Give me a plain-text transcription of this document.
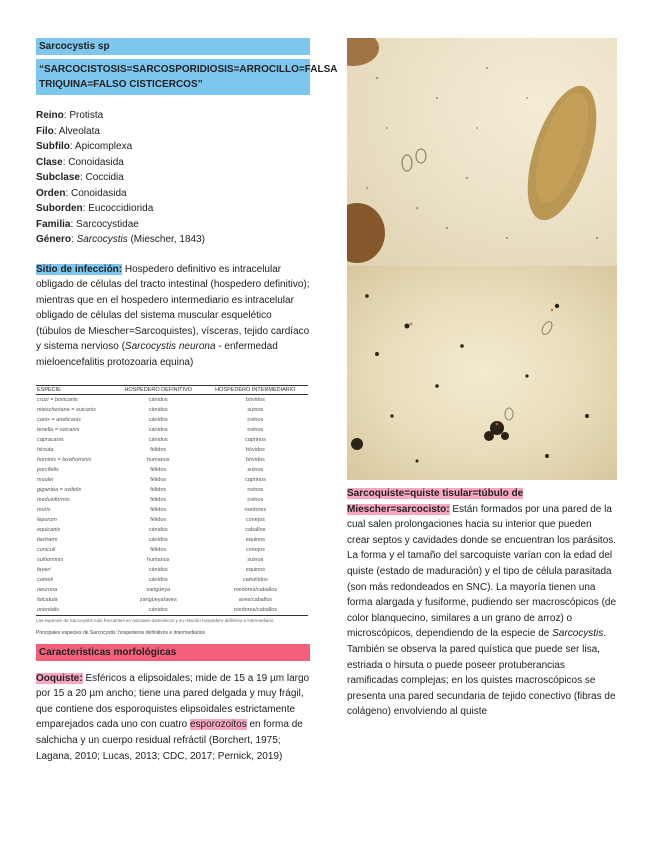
Sarcocystis sp
“SARCOCISTOSIS=SARCOSPORIDIOSIS=ARROCILLO=FALSA TRIQUINA=FALSO CISTICERCOS”
Reino: Protista
Filo: Alveolata
Subfilo: Apicomplexa
Clase: Conoidasida
Subclase: Coccidia
Orden: Conoidasida
Suborden: Eucoccidiorida
Familia: Sarcocystidae
Género: Sarcocystis (Miescher, 1843)
Sitio de infección: Hospedero definitivo es intracelular obligado de células del tracto intestinal (hospedero definitivo); mientras que en el hospedero intermediario es intracelular obligado de células del sistema muscular esquelético (túbulos de Miescher=Sarcoquistes), vísceras, tejido cardíaco y sistema nervioso (Sarcocystis neurona - enfermedad mieloencefalitis protozoaria equina)
ESPECIE	HOSPEDERO DEFINITIVO	HOSPEDERO INTERMEDIARIO
cruzi = bovicanis	cánidos	bóvidos
miescheriana = suicanis	cánidos	suinos
canis = arieticanis	cánidos	ovinos
tenella = ovicanis	cánidos	ovinos
capracanis	cánidos	caprinos
hirsuta	félidos	bóvidos
hominis = bovihominis	humanos	bóvidos
porcifelis	félidos	suinos
moulei	félidos	caprinos
gigantea = ovifelis	félidos	ovinos
medusiformis	félidos	ovinos
muris	félidos	roedores
leporum	félidos	conejos
equicanis	cánidos	caballos
bertrami	cánidos	equinos
cuniculi	félidos	conejos
suihominis	humanos	suinos
fayeri	cánidos	equinos
cameli	cánidos	camélidos
neurona	zarigüeya	roedores/caballos
falcatula	zarigüeya/aves	aves/caballos
orientalis	cánidos	roedores/caballos
Las especies de Sarcocystis más frecuentes en animales domésticos y su relación hospedero definitivo e intermediario
Principales especies de Sarcocystis: hospederos definitivos e intermediarios
Características morfológicas
Ooquiste: Esféricos a elipsoidales; mide de 15 a 19 µm largo por 15 a 20 µm ancho; tiene una pared delgada y muy frágil, que contiene dos esporoquistes elipsoidales estrictamente emparejados cada uno con cuatro esporozoitos en forma de salchicha y un cuerpo residual refráctil (Borchert, 1975; Lagana, 2010; Lucas, 2013; CDC, 2017; Pernick, 2019)
Sarcoquiste=quiste tisular=túbulo de Miescher=sarcocisto: Están formados por una pared de la cual salen prolongaciones hacia su interior que pueden crear septos y cavidades donde se encuentran los parásitos. La forma y el tamaño del sarcoquiste varían con la edad del quiste (estado de maduración) y el tipo de célula parasitada (son más redondeados en SNC). La mayoría tienen una forma alargada y fusiforme, pudiendo ser macroscópicos (de color blanquecino, similares a un grano de arroz) o microscópicos, dependiendo de la especie de Sarcocystis. También se observa la pared quística que puede ser lisa, estriada o hirsuta o puede poseer protuberancias ramificadas complejas; en los quistes macroscópicos se presenta una pared secundaria de tejido conectivo (fibras de colágeno) envolviendo al quiste
